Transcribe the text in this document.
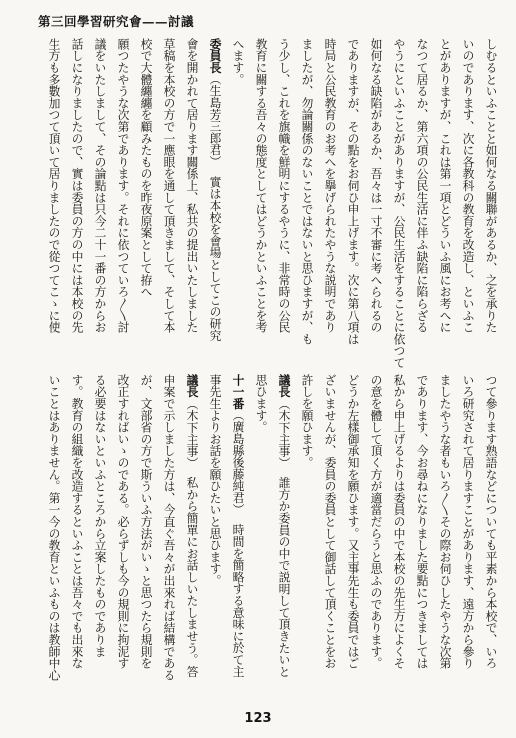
第三回學習研究會——討議
しむるといふことと如何なる關聯があるか、之を承りた
いのであります、次に各教科の教育を改造し、といふこ
とがありますが、これは第一項とどういふ風にお考へに
なつて居るか、第六項の公民生活に伴ふ缺陷に陷らざる
やうにといふことがありますが、公民生活をすることに依つて
如何なる缺陷があるか、吾々は一寸不審に考へられるの
でありますが、その點をお伺ひ申上げます。次に第八項は
時局と公民教育のお考へを擧げられたやうな説明であり
ましたが、勿論關係のないことではないと思ひますが、も
う少し、これを旗幟を鮮明にするやうに、非常時の公民
教育に關する吾々の態度としてはどうかといふことを考
へます。
委員長（生島芳三郎君）實は本校を會場としてこの研究
會を開かれて居ります關係上、私共の提出いたしました
草稿を本校の方で一應眼を通して頂きまして、そして本
校で大體纏纏を顧みたものを昨夜原案として拵へ
願つたやうな次第であります。それに依つていろ〳〵討
議をいたしまして、その論點は只今二十一番の方からお
話しになりましたので、實は委員の方の中には本校の先
生方も多數加つて頂いて居りましたので從つてこゝに使
つて參ります熟語などについても平素から本校で、いろ
いろ研究されて居りますことがあります、遠方から參り
ましたやうな者もいろ〳〵その際お伺ひしたやうな次第
であります、今お尋ねになりました要點につきましては
私から申上げるよりは委員の中で本校の先生方によくそ
の意を體して頂く方が適當だらうと思ふのであります。
どうか左樣御承知を願ひます。又主事先生も委員ではご
ざいませんが、委員の委員として御話して頂くことをお
許しを願ひます。
議長（木下主事）誰方か委員の中で説明して頂きたいと
思ひます。
十一番（廣島縣後藤純君）時間を簡略する意味に於て主
事先生よりお話を願ひたいと思ひます。
議長（木下主事）私から簡單にお話しいたしませう。答
申案で示しました方は、今直ぐ吾々が出來れば結構である
が、文部省の方で斯ういふ方法がいゝと思つたら規則を
改正すればいゝのである。必らずしも今の規則に拘泥す
る必要はないといふところから立案したものでありま
す。教育の組織を改造するといふことは吾々でも出來な
いことはありません。第一今の教育といふものは教師中心
123
